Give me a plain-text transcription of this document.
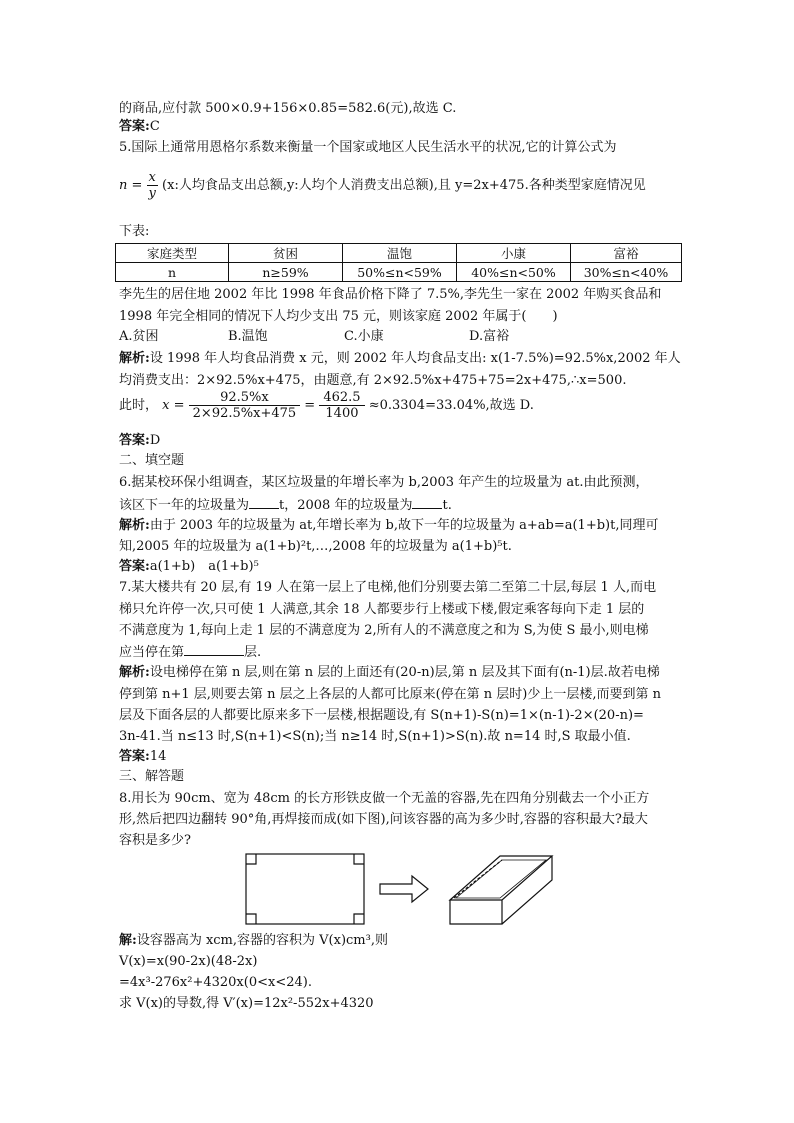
的商品,应付款 500×0.9+156×0.85=582.6(元),故选 C.
答案:C
5.国际上通常用恩格尔系数来衡量一个国家或地区人民生活水平的状况,它的计算公式为
$n = \frac{x}{y} (x$:人均食品支出总额,y:人均个人消费支出总额),且 y=2x+475.各种类型家庭情况见
下表:
家庭类型	贫困	温饱	小康	富裕
n	n≥59%	50%≤n<59%	40%≤n<50%	30%≤n<40%
李先生的居住地 2002 年比 1998 年食品价格下降了 7.5%,李先生一家在 2002 年购买食品和
1998 年完全相同的情况下人均少支出 75 元，则该家庭 2002 年属于(　　)
A.贫困	B.温饱	C.小康	D.富裕
解析:设 1998 年人均食品消费 x 元，则 2002 年人均食品支出: x(1-7.5%)=92.5%x,2002 年人
均消费支出：2×92.5%x+475，由题意,有 2×92.5%x+475+75=2x+475,∴x=500.
此时， $x = \frac{92.5\%x}{2\times 92.5\%x+475} = \frac{462.5}{1400} \approx 0.3304=33.04\%$,故选 D.
答案:D
二、填空题
6.据某校环保小组调查，某区垃圾量的年增长率为 b,2003 年产生的垃圾量为 at.由此预测，
该区下一年的垃圾量为 t，2008 年的垃圾量为 t.
解析:由于 2003 年的垃圾量为 at,年增长率为 b,故下一年的垃圾量为 a+ab=a(1+b)t,同理可
知,2005 年的垃圾量为 a(1+b)²t,…,2008 年的垃圾量为 a(1+b)⁵t.
答案:a(1+b)　a(1+b)⁵
7.某大楼共有 20 层,有 19 人在第一层上了电梯,他们分别要去第二至第二十层,每层 1 人,而电
梯只允许停一次,只可使 1 人满意,其余 18 人都要步行上楼或下楼,假定乘客每向下走 1 层的
不满意度为 1,每向上走 1 层的不满意度为 2,所有人的不满意度之和为 S,为使 S 最小,则电梯
应当停在第	层.
解析:设电梯停在第 n 层,则在第 n 层的上面还有(20-n)层,第 n 层及其下面有(n-1)层.故若电梯
停到第 n+1 层,则要去第 n 层之上各层的人都可比原来(停在第 n 层时)少上一层楼,而要到第 n
层及下面各层的人都要比原来多下一层楼,根据题设,有 S(n+1)-S(n)=1×(n-1)-2×(20-n)=
3n-41.当 n≤13 时,S(n+1)<S(n);当 n≥14 时,S(n+1)>S(n).故 n=14 时,S 取最小值.
答案:14
三、解答题
8.用长为 90cm、宽为 48cm 的长方形铁皮做一个无盖的容器,先在四角分别截去一个小正方
形,然后把四边翻转 90°角,再焊接而成(如下图),问该容器的高为多少时,容器的容积最大?最大
容积是多少?
解:设容器高为 xcm,容器的容积为 V(x)cm³,则
V(x)=x(90-2x)(48-2x)
=4x³-276x²+4320x(0<x<24).
求 V(x)的导数,得 V′(x)=12x²-552x+4320
